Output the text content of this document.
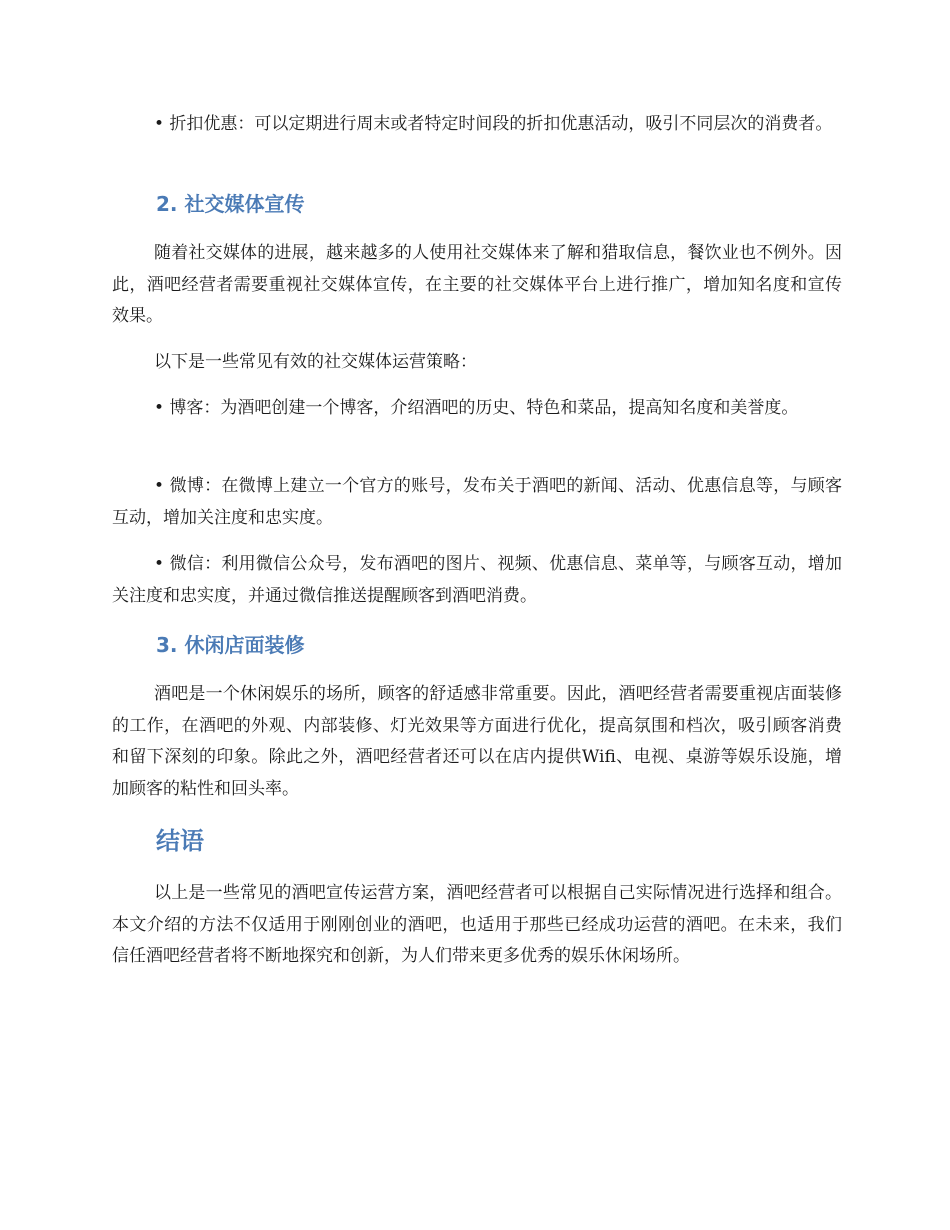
• 折扣优惠：可以定期进行周末或者特定时间段的折扣优惠活动，吸引不同层次的消费者。

2. 社交媒体宣传

随着社交媒体的进展，越来越多的人使用社交媒体来了解和猎取信息，餐饮业也不例外。因此，酒吧经营者需要重视社交媒体宣传，在主要的社交媒体平台上进行推广，增加知名度和宣传效果。

以下是一些常见有效的社交媒体运营策略：

• 博客：为酒吧创建一个博客，介绍酒吧的历史、特色和菜品，提高知名度和美誉度。

• 微博：在微博上建立一个官方的账号，发布关于酒吧的新闻、活动、优惠信息等，与顾客互动，增加关注度和忠实度。

• 微信：利用微信公众号，发布酒吧的图片、视频、优惠信息、菜单等，与顾客互动，增加关注度和忠实度，并通过微信推送提醒顾客到酒吧消费。

3. 休闲店面装修

酒吧是一个休闲娱乐的场所，顾客的舒适感非常重要。因此，酒吧经营者需要重视店面装修的工作，在酒吧的外观、内部装修、灯光效果等方面进行优化，提高氛围和档次，吸引顾客消费和留下深刻的印象。除此之外，酒吧经营者还可以在店内提供Wifi、电视、桌游等娱乐设施，增加顾客的粘性和回头率。

结语

以上是一些常见的酒吧宣传运营方案，酒吧经营者可以根据自己实际情况进行选择和组合。本文介绍的方法不仅适用于刚刚创业的酒吧，也适用于那些已经成功运营的酒吧。在未来，我们信任酒吧经营者将不断地探究和创新，为人们带来更多优秀的娱乐休闲场所。
